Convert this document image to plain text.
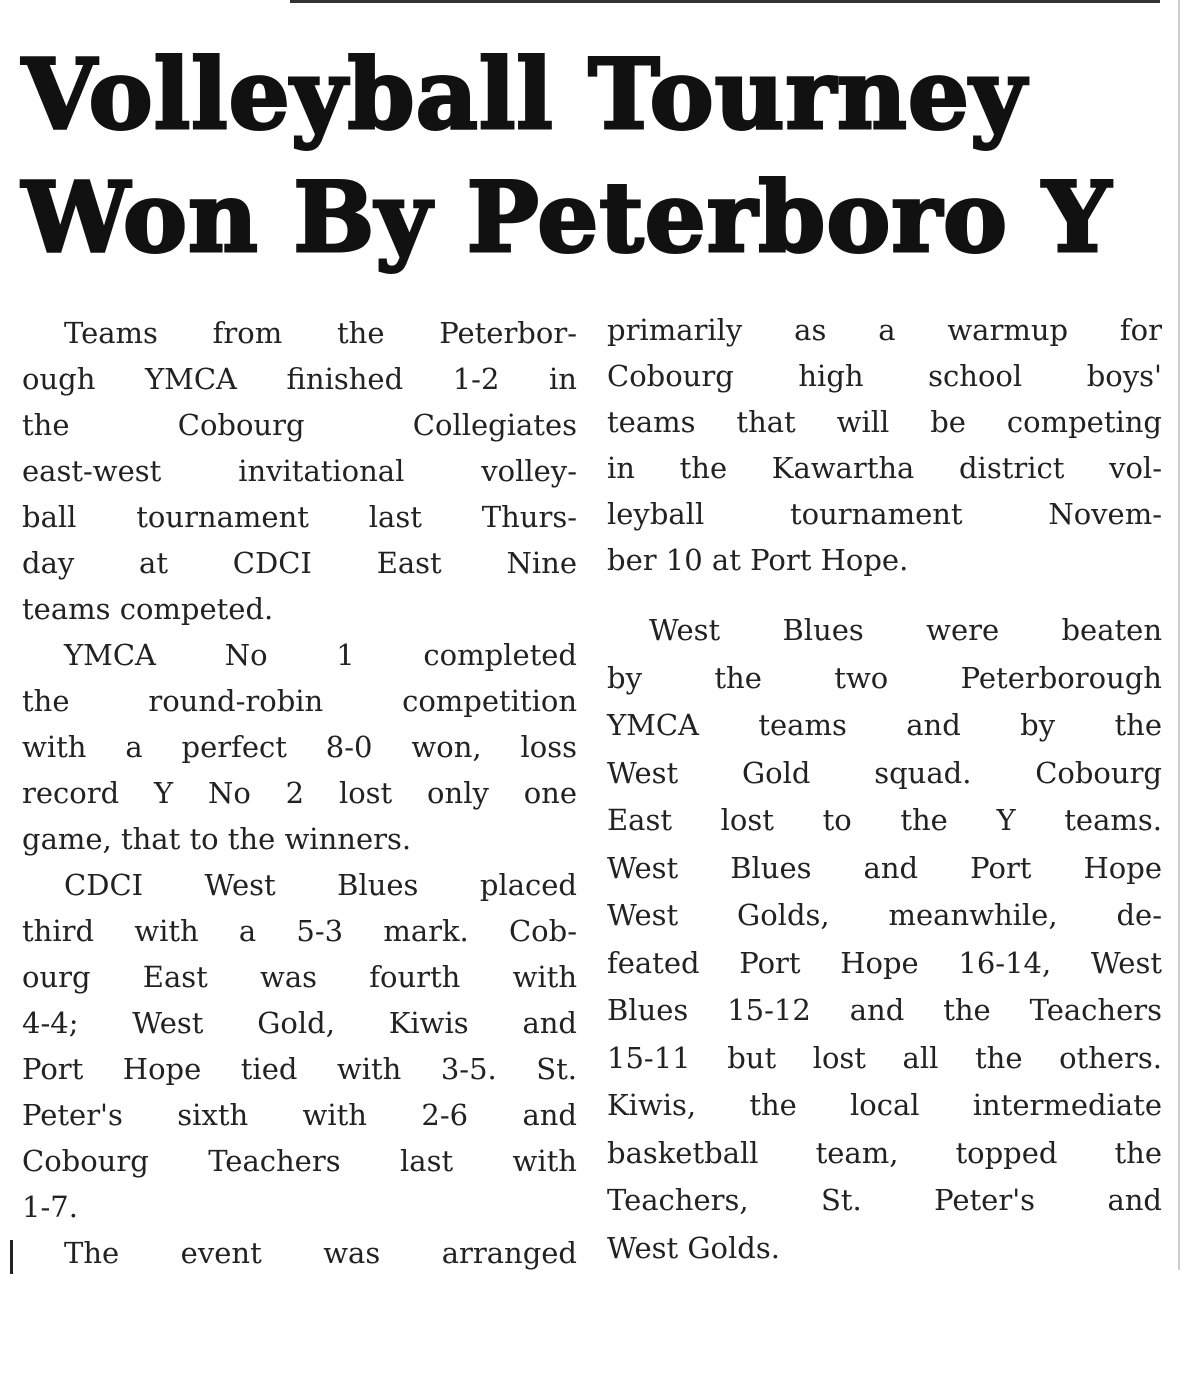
Volleyball Tourney
Won By Peterboro Y
Teams from the Peterbor-
ough YMCA finished 1-2 in
the Cobourg Collegiates
east-west invitational volley-
ball tournament last Thurs-
day at CDCI East Nine
teams competed.
YMCA No 1 completed
the round-robin competition
with a perfect 8-0 won, loss
record Y No 2 lost only one
game, that to the winners.
CDCI West Blues placed
third with a 5-3 mark. Cob-
ourg East was fourth with
4-4; West Gold, Kiwis and
Port Hope tied with 3-5. St.
Peter's sixth with 2-6 and
Cobourg Teachers last with
1-7.
The event was arranged
primarily as a warmup for
Cobourg high school boys'
teams that will be competing
in the Kawartha district vol-
leyball tournament Novem-
ber 10 at Port Hope.
West Blues were beaten
by the two Peterborough
YMCA teams and by the
West Gold squad. Cobourg
East lost to the Y teams.
West Blues and Port Hope
West Golds, meanwhile, de-
feated Port Hope 16-14, West
Blues 15-12 and the Teachers
15-11 but lost all the others.
Kiwis, the local intermediate
basketball team, topped the
Teachers, St. Peter's and
West Golds.
